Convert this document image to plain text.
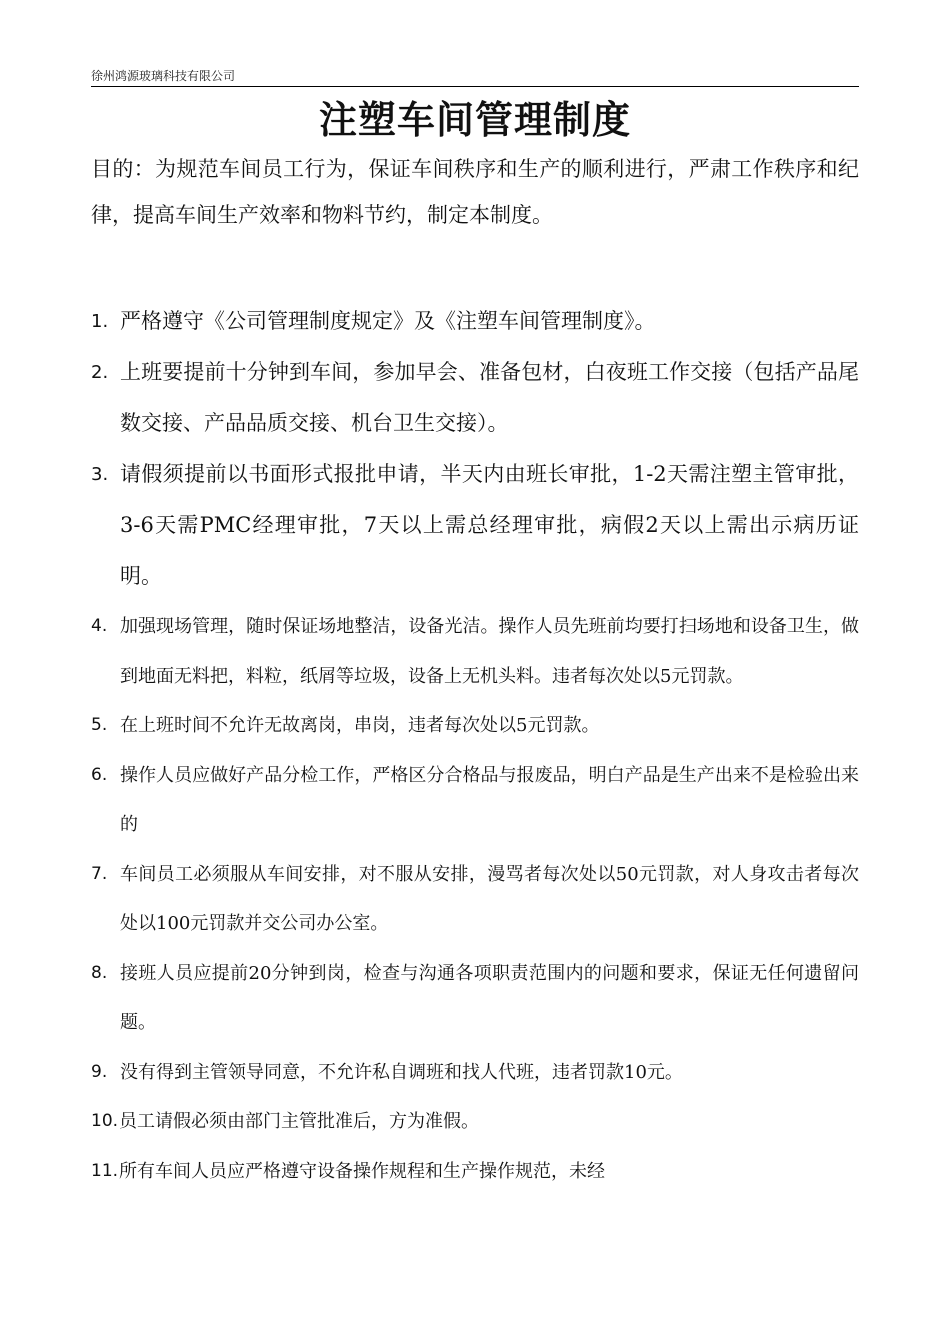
徐州鸿源玻璃科技有限公司
注塑车间管理制度

目的：为规范车间员工行为，保证车间秩序和生产的顺利进行，严肃工作秩序和纪律，提高车间生产效率和物料节约，制定本制度。

1. 严格遵守《公司管理制度规定》及《注塑车间管理制度》。
2. 上班要提前十分钟到车间，参加早会、准备包材，白夜班工作交接（包括产品尾数交接、产品品质交接、机台卫生交接）。
3. 请假须提前以书面形式报批申请，半天内由班长审批，1-2天需注塑主管审批，3-6天需PMC经理审批，7天以上需总经理审批，病假2天以上需出示病历证明。
4. 加强现场管理，随时保证场地整洁，设备光洁。操作人员先班前均要打扫场地和设备卫生，做到地面无料把，料粒，纸屑等垃圾，设备上无机头料。违者每次处以5元罚款。
5. 在上班时间不允许无故离岗，串岗，违者每次处以5元罚款。
6. 操作人员应做好产品分检工作，严格区分合格品与报废品，明白产品是生产出来不是检验出来的
7. 车间员工必须服从车间安排，对不服从安排，漫骂者每次处以50元罚款，对人身攻击者每次处以100元罚款并交公司办公室。
8. 接班人员应提前20分钟到岗，检查与沟通各项职责范围内的问题和要求，保证无任何遗留问题。
9. 没有得到主管领导同意，不允许私自调班和找人代班，违者罚款10元。
10. 员工请假必须由部门主管批准后，方为准假。
11. 所有车间人员应严格遵守设备操作规程和生产操作规范，未经
